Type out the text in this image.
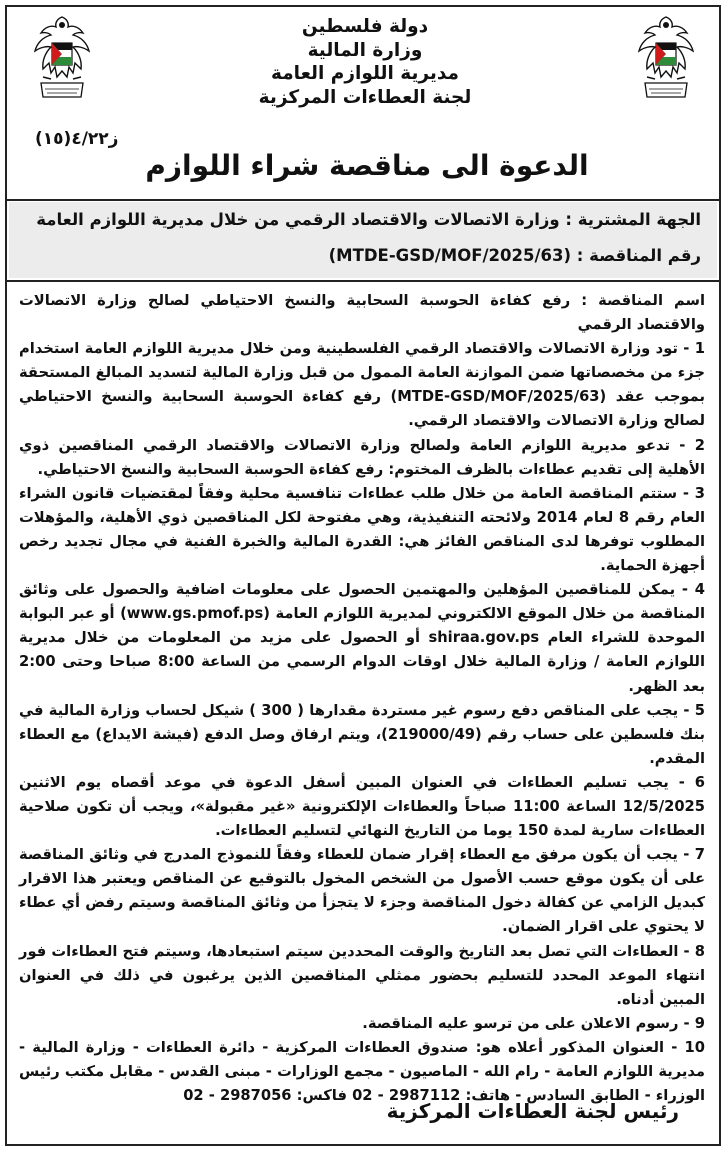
دولة فلسطين
وزارة المالية
مديرية اللوازم العامة
لجنة العطاءات المركزية
ز٤/٢٢(١٥)
الدعوة الى مناقصة شراء اللوازم
الجهة المشترية : وزارة الاتصالات والاقتصاد الرقمي من خلال مديرية اللوازم العامة
رقم المناقصة : (MTDE-GSD/MOF/2025/63)

اسم المناقصة : رفع كفاءة الحوسبة السحابية والنسخ الاحتياطي لصالح وزارة الاتصالات والاقتصاد الرقمي

1 - تود وزارة الاتصالات والاقتصاد الرقمي الفلسطينية ومن خلال مديرية اللوازم العامة استخدام جزء من مخصصاتها ضمن الموازنة العامة الممول من قبل وزارة المالية لتسديد المبالغ المستحقة بموجب عقد (MTDE-GSD/MOF/2025/63) رفع كفاءة الحوسبة السحابية والنسخ الاحتياطي لصالح وزارة الاتصالات والاقتصاد الرقمي.

2 - تدعو مديرية اللوازم العامة ولصالح وزارة الاتصالات والاقتصاد الرقمي المناقصين ذوي الأهلية إلى تقديم عطاءات بالظرف المختوم: رفع كفاءة الحوسبة السحابية والنسخ الاحتياطي.

3 - ستتم المناقصة العامة من خلال طلب عطاءات تنافسية محلية وفقاً لمقتضيات قانون الشراء العام رقم 8 لعام 2014 ولائحته التنفيذية، وهي مفتوحة لكل المناقصين ذوي الأهلية، والمؤهلات المطلوب توفرها لدى المناقص الفائز هي: القدرة المالية والخبرة الفنية في مجال تجديد رخص أجهزة الحماية.

4 - يمكن للمناقصين المؤهلين والمهتمين الحصول على معلومات اضافية والحصول على وثائق المناقصة من خلال الموقع الالكتروني لمديرية اللوازم العامة (www.gs.pmof.ps) أو عبر البوابة الموحدة للشراء العام shiraa.gov.ps أو الحصول على مزيد من المعلومات من خلال مديرية اللوازم العامة / وزارة المالية خلال اوقات الدوام الرسمي من الساعة 8:00 صباحا وحتى 2:00 بعد الظهر.

5 - يجب على المناقص دفع رسوم غير مستردة مقدارها ( 300 ) شيكل لحساب وزارة المالية في بنك فلسطين على حساب رقم (219000/49)، ويتم ارفاق وصل الدفع (فيشة الايداع) مع العطاء المقدم.

6 - يجب تسليم العطاءات في العنوان المبين أسفل الدعوة في موعد أقصاه يوم الاثنين 12/5/2025 الساعة 11:00 صباحاً والعطاءات الإلكترونية «غير مقبولة»، ويجب أن تكون صلاحية العطاءات سارية لمدة 150 يوما من التاريخ النهائي لتسليم العطاءات.

7 - يجب أن يكون مرفق مع العطاء إقرار ضمان للعطاء وفقاً للنموذج المدرج في وثائق المناقصة على أن يكون موقع حسب الأصول من الشخص المخول بالتوقيع عن المناقص ويعتبر هذا الاقرار كبديل الزامي عن كفالة دخول المناقصة وجزء لا يتجزأ من وثائق المناقصة وسيتم رفض أي عطاء لا يحتوي على اقرار الضمان.

8 - العطاءات التي تصل بعد التاريخ والوقت المحددين سيتم استبعادها، وسيتم فتح العطاءات فور انتهاء الموعد المحدد للتسليم بحضور ممثلي المناقصين الذين يرغبون في ذلك في العنوان المبين أدناه.

9 - رسوم الاعلان على من ترسو عليه المناقصة.

10 - العنوان المذكور أعلاه هو: صندوق العطاءات المركزية - دائرة العطاءات - وزارة المالية - مديرية اللوازم العامة - رام الله - الماصيون - مجمع الوزارات - مبنى القدس - مقابل مكتب رئيس الوزراء - الطابق السادس - هاتف: 2987112 - 02 فاكس: 2987056 - 02

رئيس لجنة العطاءات المركزية
